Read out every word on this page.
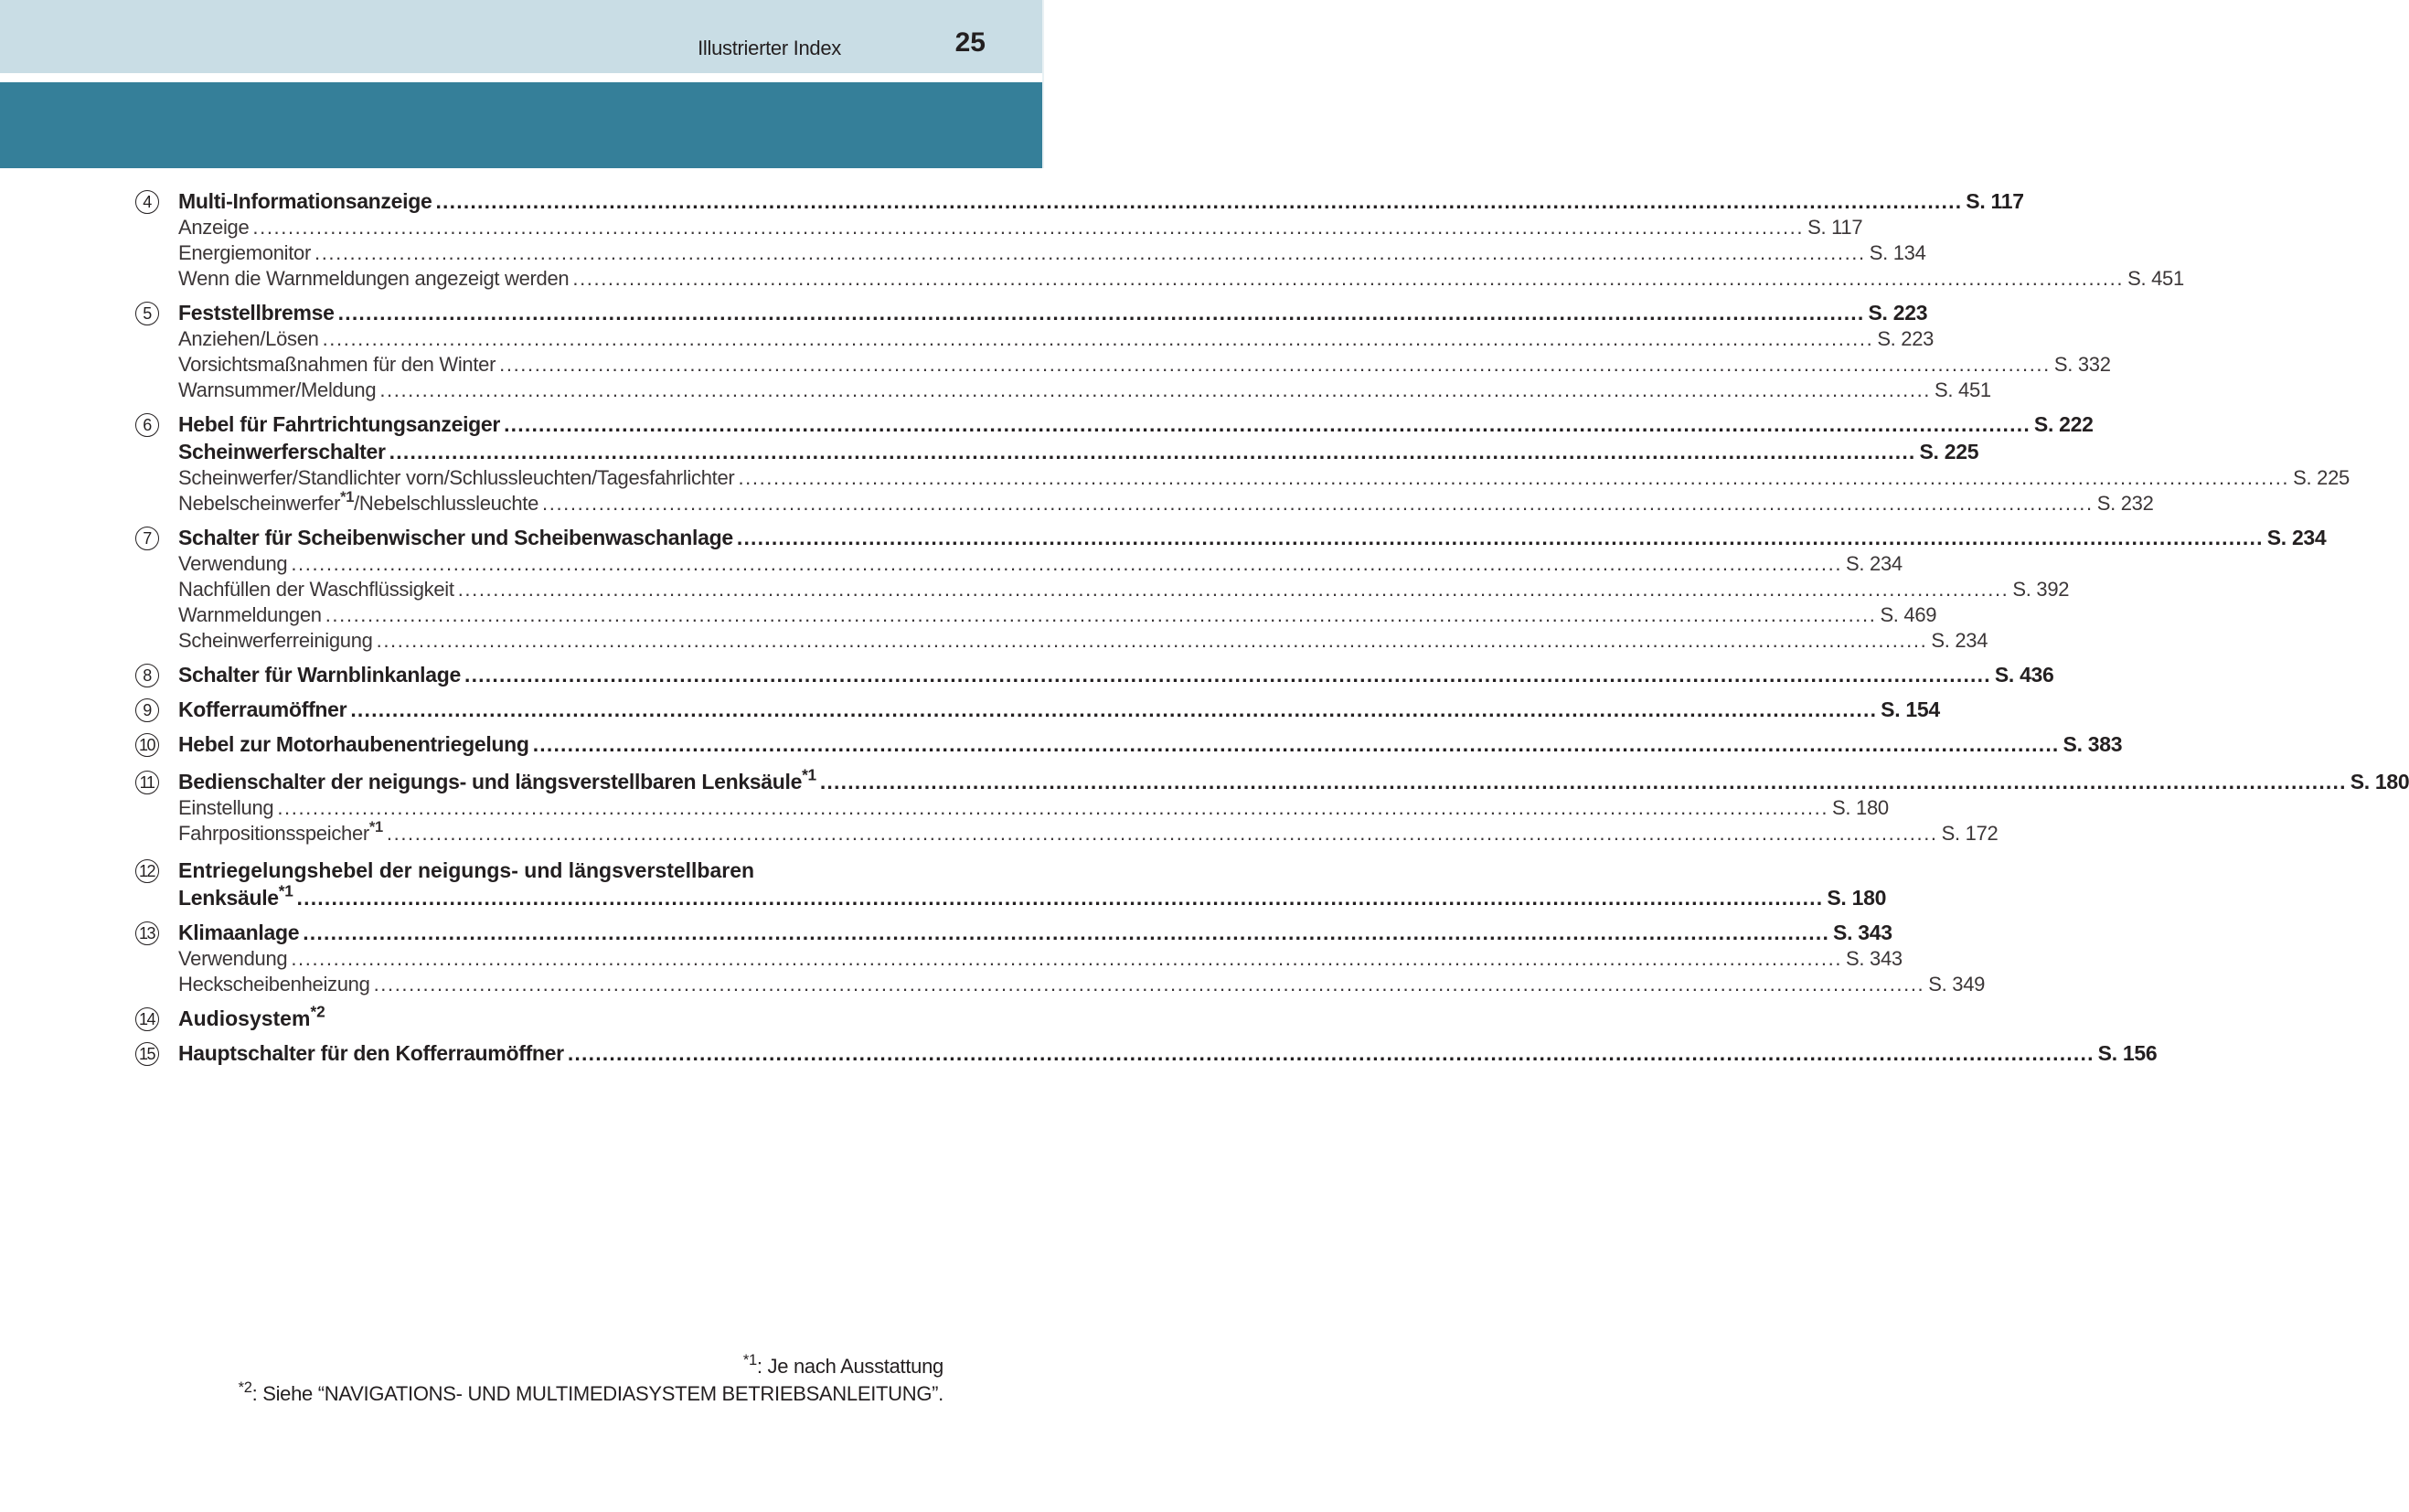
Illustrierter Index	25
4	Multi-Informationsanzeige ............................................................................................................................................................................................................................ S. 117
Anzeige ............................................................................................................................................................................................................................ S. 117
Energiemonitor ............................................................................................................................................................................................................................ S. 134
Wenn die Warnmeldungen angezeigt werden ............................................................................................................................................................................................................................ S. 451
5	Feststellbremse ............................................................................................................................................................................................................................ S. 223
Anziehen/Lösen ............................................................................................................................................................................................................................ S. 223
Vorsichtsmaßnahmen für den Winter ............................................................................................................................................................................................................................ S. 332
Warnsummer/Meldung ............................................................................................................................................................................................................................ S. 451
6	Hebel für Fahrtrichtungsanzeiger ............................................................................................................................................................................................................................ S. 222
Scheinwerferschalter ............................................................................................................................................................................................................................ S. 225
Scheinwerfer/Standlichter vorn/Schlussleuchten/Tagesfahrlichter ............................................................................................................................................................................................................................ S. 225
Nebelscheinwerfer$^{*1}$/Nebelschlussleuchte ............................................................................................................................................................................................................................ S. 232
7	Schalter für Scheibenwischer und Scheibenwaschanlage ............................................................................................................................................................................................................................ S. 234
Verwendung ............................................................................................................................................................................................................................ S. 234
Nachfüllen der Waschflüssigkeit ............................................................................................................................................................................................................................ S. 392
Warnmeldungen ............................................................................................................................................................................................................................ S. 469
Scheinwerferreinigung ............................................................................................................................................................................................................................ S. 234
8	Schalter für Warnblinkanlage ............................................................................................................................................................................................................................ S. 436
9	Kofferraumöffner ............................................................................................................................................................................................................................ S. 154
10 Hebel zur Motorhaubenentriegelung ............................................................................................................................................................................................................................ S. 383
11 Bedienschalter der neigungs- und längsverstellbaren Lenksäule$^{*1}$ ............................................................................................................................................................................................................................ S. 180
Einstellung ............................................................................................................................................................................................................................ S. 180
Fahrpositionsspeicher$^{*1}$ ............................................................................................................................................................................................................................ S. 172
12 Entriegelungshebel der neigungs- und längsverstellbaren
Lenksäule$^{*1}$ ............................................................................................................................................................................................................................ S. 180
13 Klimaanlage ............................................................................................................................................................................................................................ S. 343
Verwendung ............................................................................................................................................................................................................................ S. 343
Heckscheibenheizung ............................................................................................................................................................................................................................ S. 349
14 Audiosystem$^{*2}$
15 Hauptschalter für den Kofferraumöffner ............................................................................................................................................................................................................................ S. 156
$^{*1}$: Je nach Ausstattung
$^{*2}$: Siehe “NAVIGATIONS- UND MULTIMEDIASYSTEM BETRIEBSANLEITUNG”.
